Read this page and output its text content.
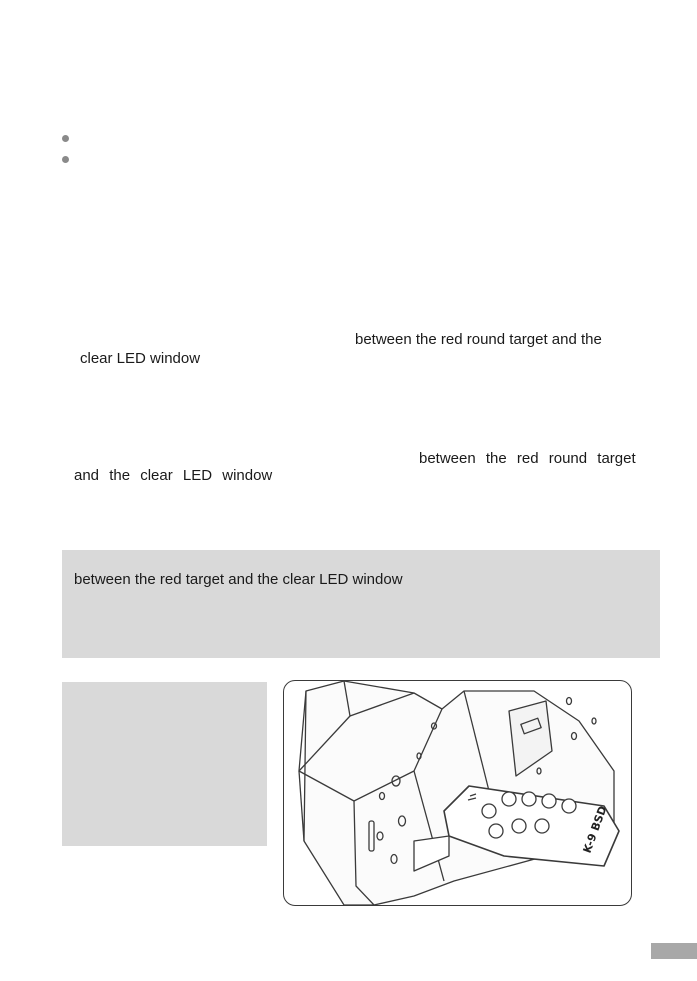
between the red round target and the
clear LED window
between the red round target
and the clear LED window
between the red target and the clear LED window
K-9 BSD
